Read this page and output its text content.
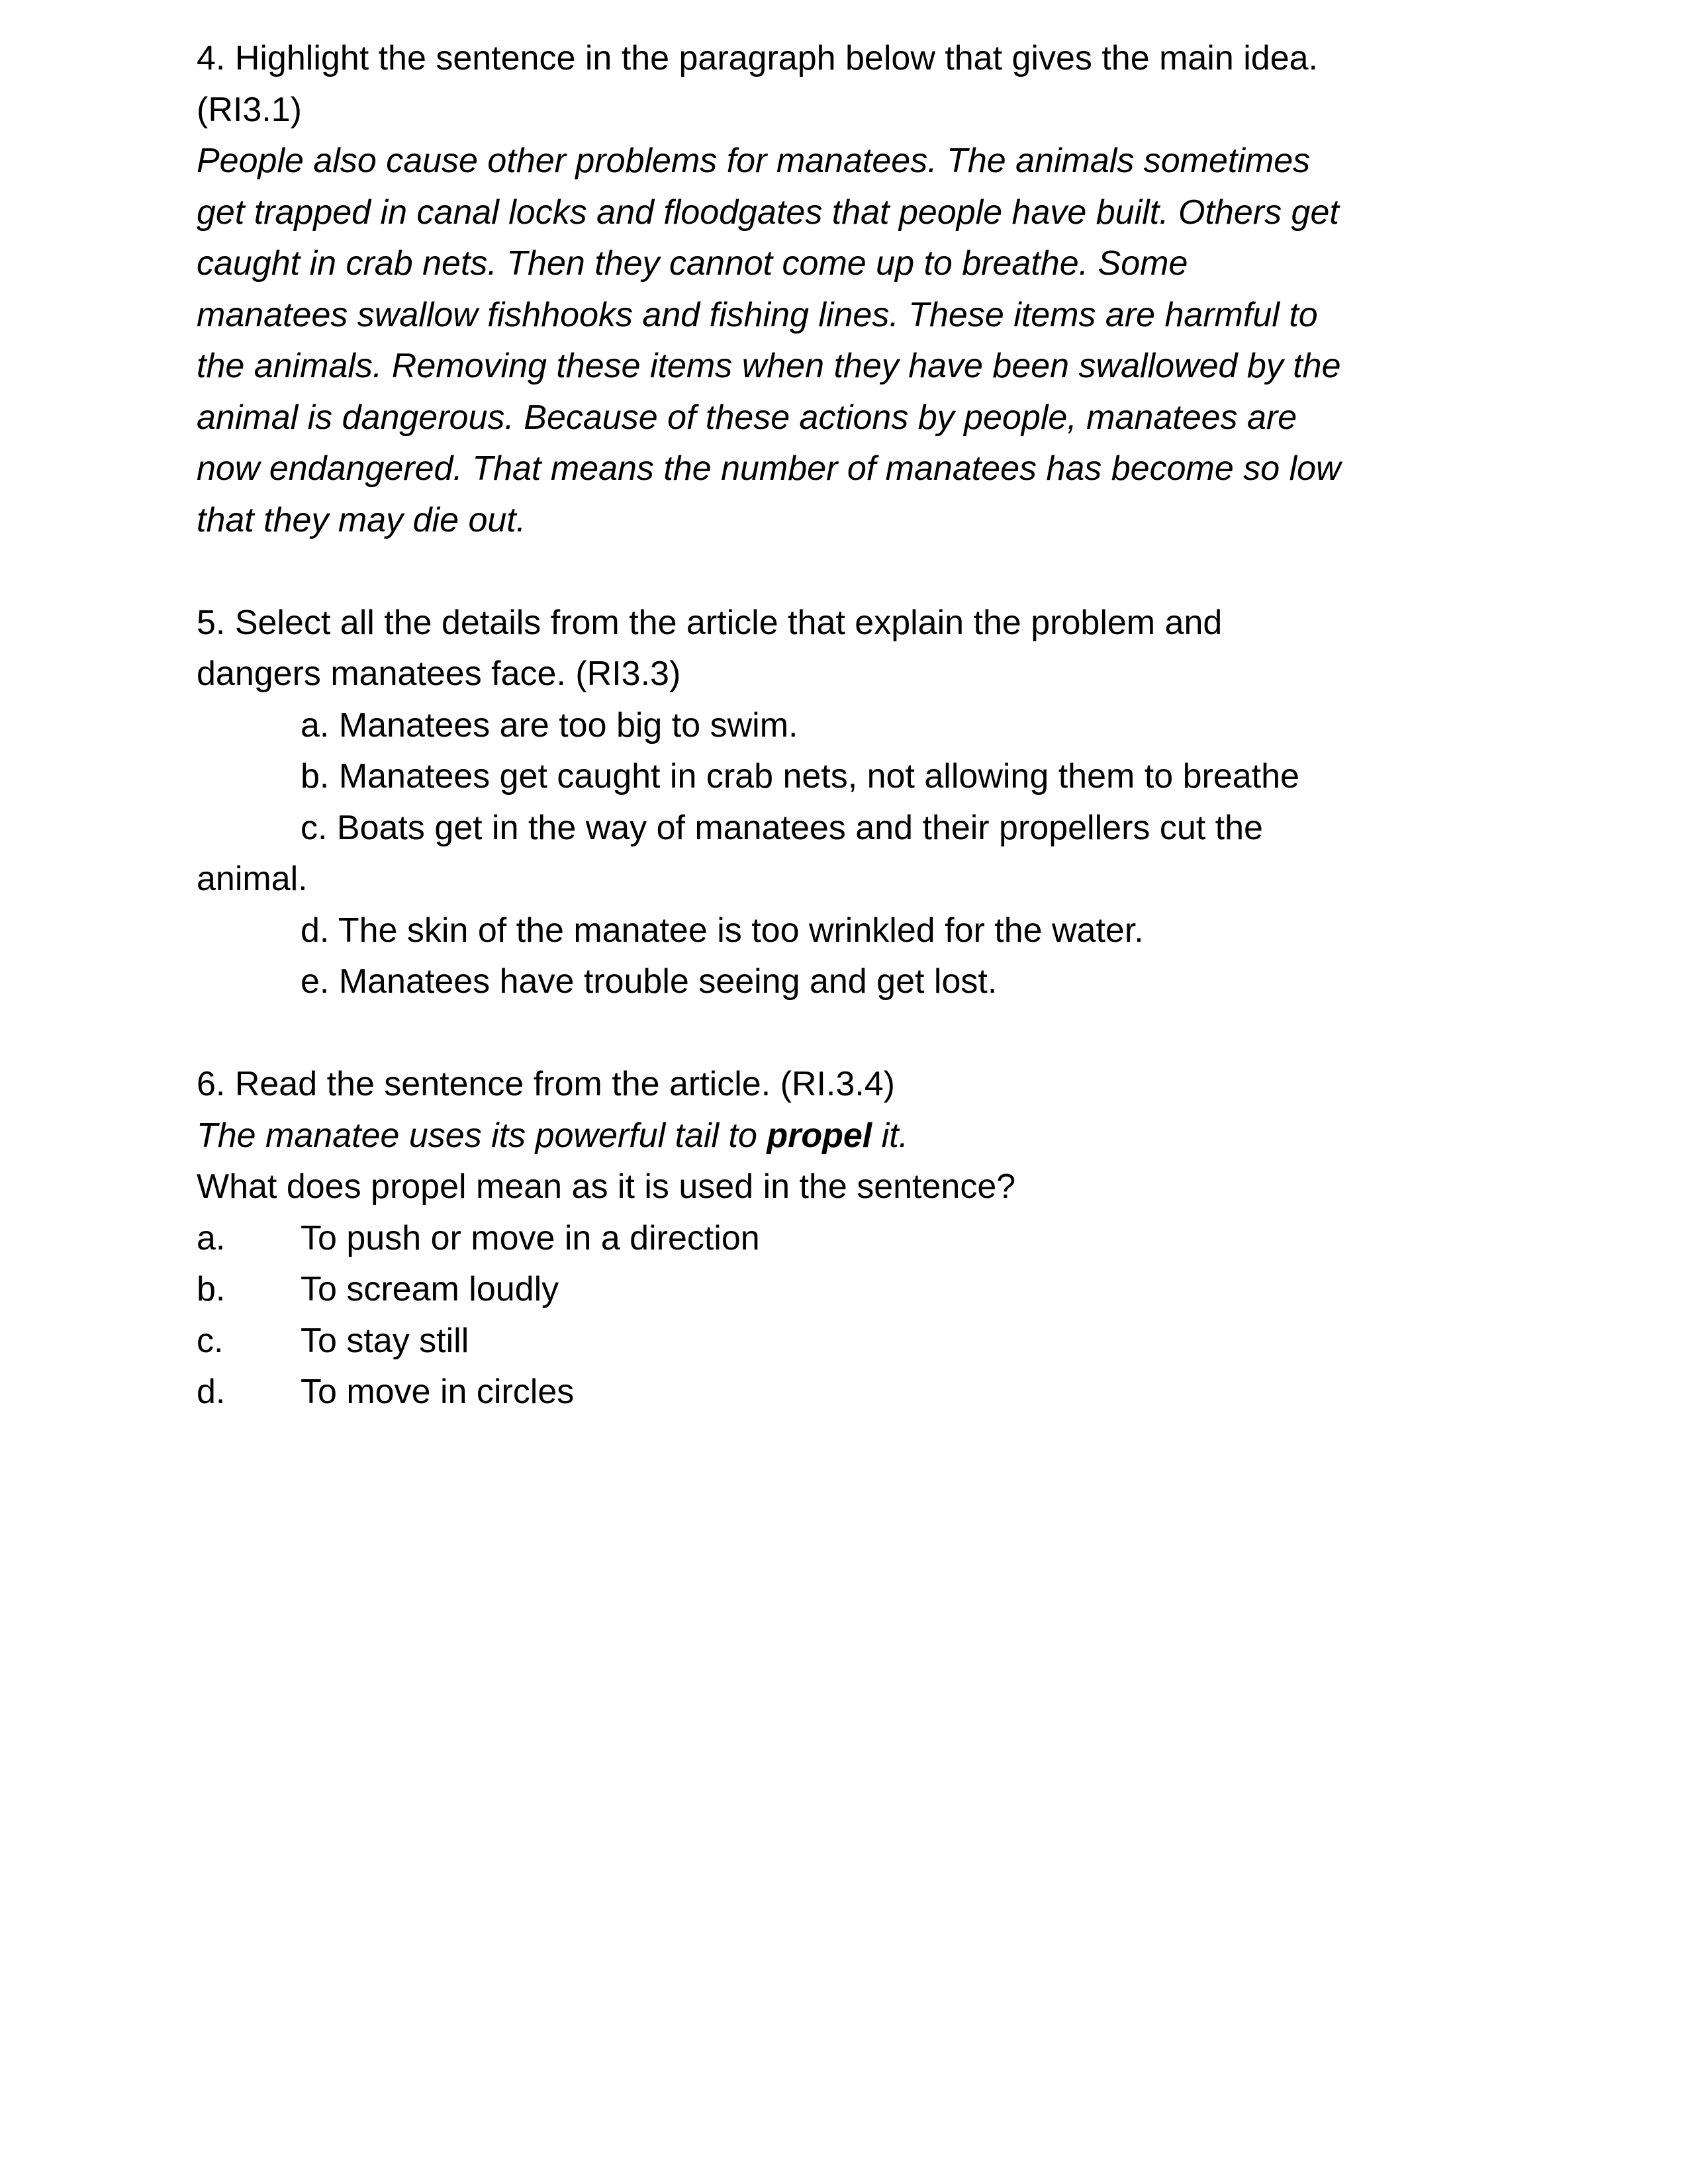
4. Highlight the sentence in the paragraph below that gives the main idea.
(RI3.1)
People also cause other problems for manatees. The animals sometimes
get trapped in canal locks and floodgates that people have built. Others get
caught in crab nets. Then they cannot come up to breathe. Some
manatees swallow fishhooks and fishing lines. These items are harmful to
the animals. Removing these items when they have been swallowed by the
animal is dangerous. Because of these actions by people, manatees are
now endangered. That means the number of manatees has become so low
that they may die out.
5. Select all the details from the article that explain the problem and
dangers manatees face. (RI3.3)
a. Manatees are too big to swim.
b. Manatees get caught in crab nets, not allowing them to breathe
c. Boats get in the way of manatees and their propellers cut the
animal.
d. The skin of the manatee is too wrinkled for the water.
e. Manatees have trouble seeing and get lost.
6. Read the sentence from the article. (RI.3.4)
The manatee uses its powerful tail to propel it.
What does propel mean as it is used in the sentence?
a.	To push or move in a direction
b.	To scream loudly
c.	To stay still
d.	To move in circles
